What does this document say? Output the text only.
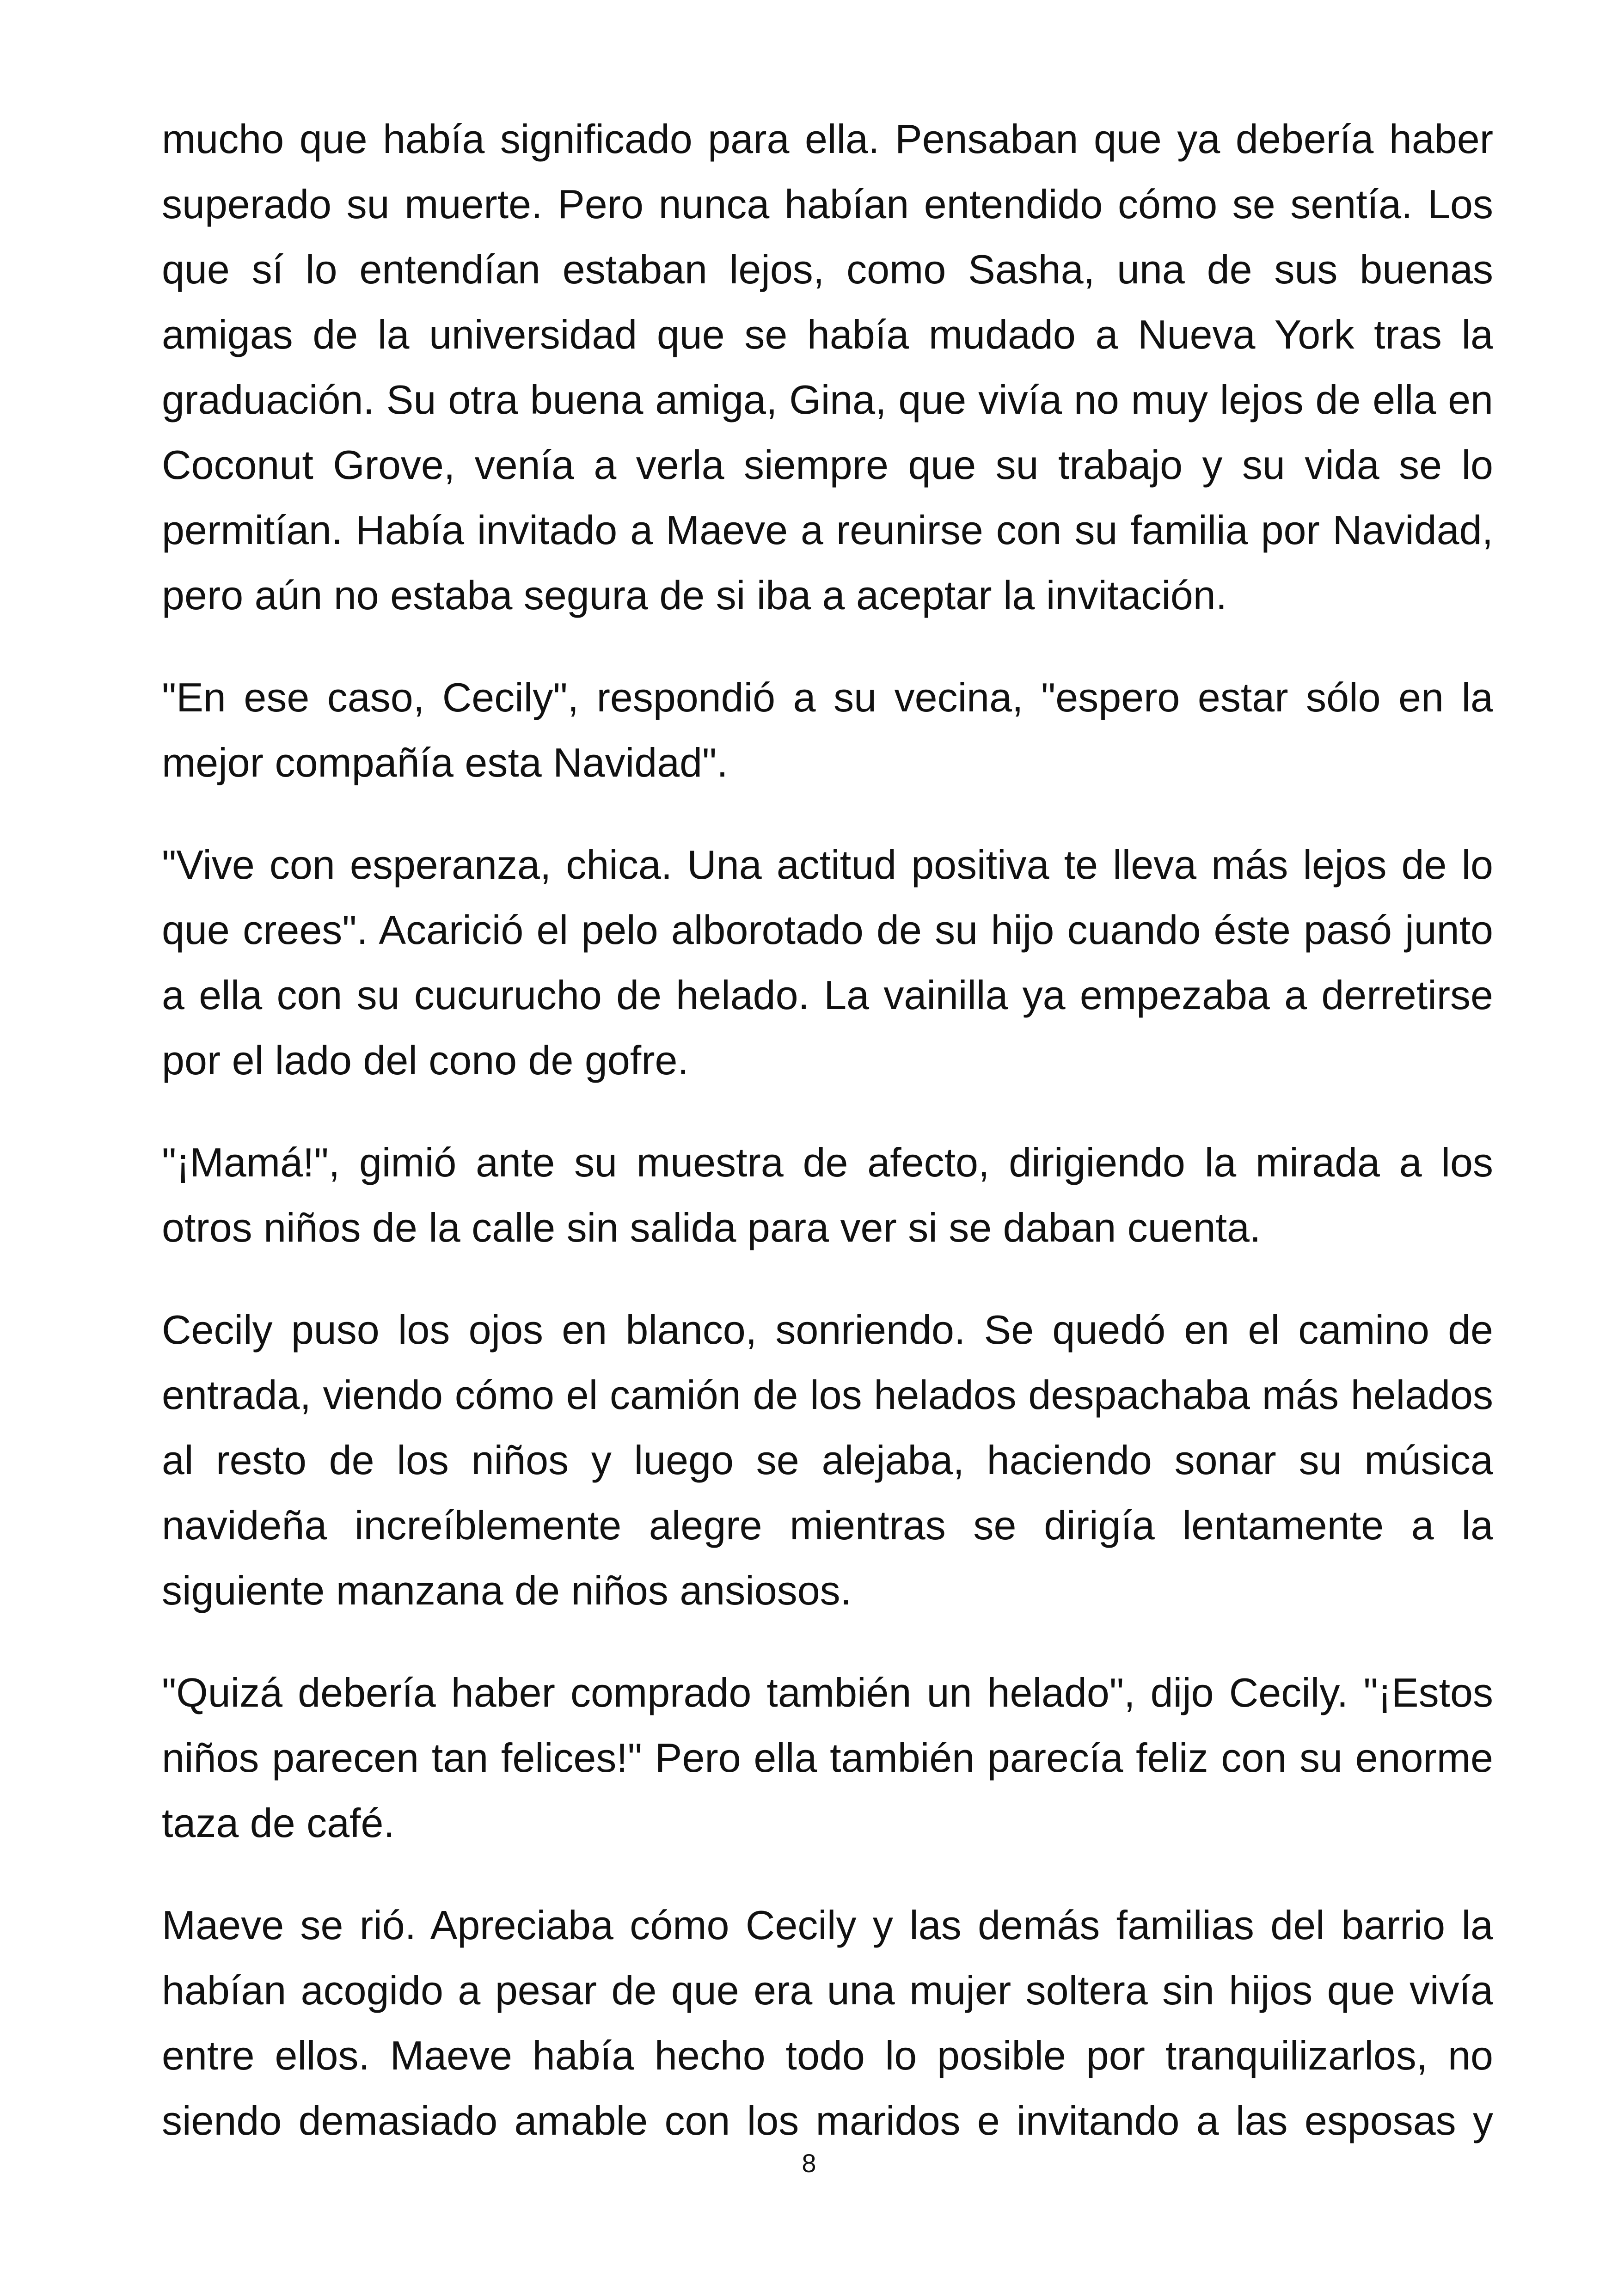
mucho que había significado para ella. Pensaban que ya debería haber superado su muerte. Pero nunca habían entendido cómo se sentía. Los que sí lo entendían estaban lejos, como Sasha, una de sus buenas amigas de la universidad que se había mudado a Nueva York tras la graduación. Su otra buena amiga, Gina, que vivía no muy lejos de ella en Coconut Grove, venía a verla siempre que su trabajo y su vida se lo permitían. Había invitado a Maeve a reunirse con su familia por Navidad, pero aún no estaba segura de si iba a aceptar la invitación.

"En ese caso, Cecily", respondió a su vecina, "espero estar sólo en la mejor compañía esta Navidad".

"Vive con esperanza, chica. Una actitud positiva te lleva más lejos de lo que crees". Acarició el pelo alborotado de su hijo cuando éste pasó junto a ella con su cucurucho de helado. La vainilla ya empezaba a derretirse por el lado del cono de gofre.

"¡Mamá!", gimió ante su muestra de afecto, dirigiendo la mirada a los otros niños de la calle sin salida para ver si se daban cuenta.

Cecily puso los ojos en blanco, sonriendo. Se quedó en el camino de entrada, viendo cómo el camión de los helados despachaba más helados al resto de los niños y luego se alejaba, haciendo sonar su música navideña increíblemente alegre mientras se dirigía lentamente a la siguiente manzana de niños ansiosos.

"Quizá debería haber comprado también un helado", dijo Cecily. "¡Estos niños parecen tan felices!" Pero ella también parecía feliz con su enorme taza de café.

Maeve se rió. Apreciaba cómo Cecily y las demás familias del barrio la habían acogido a pesar de que era una mujer soltera sin hijos que vivía entre ellos. Maeve había hecho todo lo posible por tranquilizarlos, no siendo demasiado amable con los maridos e invitando a las esposas y

8
